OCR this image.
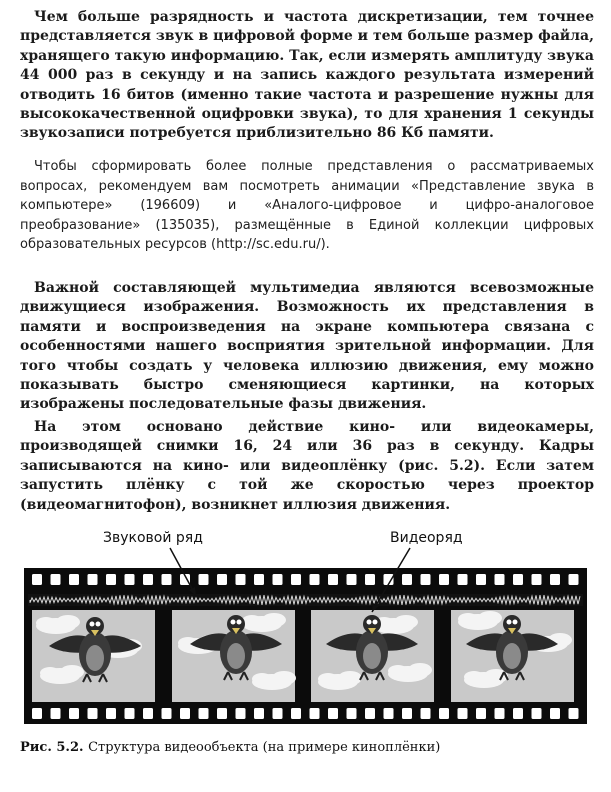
Чем больше разрядность и частота дискретизации, тем точнее представляется звук в цифровой форме и тем больше размер файла, хранящего такую информацию. Так, если измерять амплитуду звука 44 000 раз в секунду и на запись каждого результата измерений отводить 16 битов (именно такие частота и разрешение нужны для высококачественной оцифровки звука), то для хранения 1 секунды звукозаписи потребуется приблизительно 86 Кб памяти.

Чтобы сформировать более полные представления о рассматриваемых вопросах, рекомендуем вам посмотреть анимации «Представление звука в компьютере» (196609) и «Аналого-цифровое и цифро-аналоговое преобразование» (135035), размещённые в Единой коллекции цифровых образовательных ресурсов (http://sc.edu.ru/).

Важной составляющей мультимедиа являются всевозможные движущиеся изображения. Возможность их представления в памяти и воспроизведения на экране компьютера связана с особенностями нашего восприятия зрительной информации. Для того чтобы создать у человека иллюзию движения, ему можно показывать быстро сменяющиеся картинки, на которых изображены последовательные фазы движения.

На этом основано действие кино- или видеокамеры, производящей снимки 16, 24 или 36 раз в секунду. Кадры записываются на кино- или видеоплёнку (рис. 5.2). Если затем запустить плёнку с той же скоростью через проектор (видеомагнитофон), возникнет иллюзия движения.

Звуковой ряд	Видеоряд
Рис. 5.2. Структура видеообъекта (на примере киноплёнки)
